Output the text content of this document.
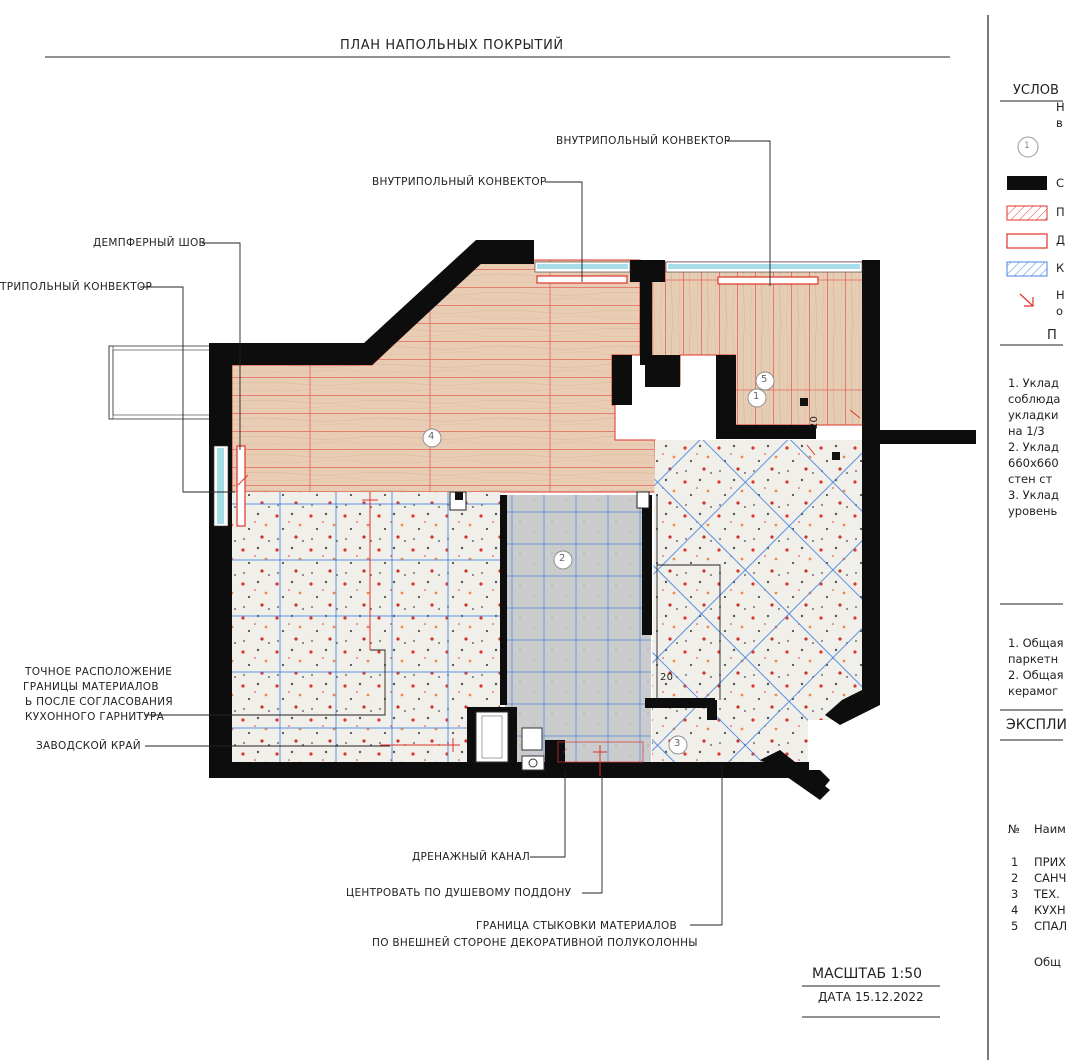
ПЛАН НАПОЛЬНЫХ ПОКРЫТИЙ
ВНУТРИПОЛЬНЫЙ КОНВЕКТОР
ВНУТРИПОЛЬНЫЙ КОНВЕКТОР
ДЕМПФЕРНЫЙ ШОВ
ТРИПОЛЬНЫЙ КОНВЕКТОР
ТОЧНОЕ РАСПОЛОЖЕНИЕ
ГРАНИЦЫ МАТЕРИАЛОВ
Ь ПОСЛЕ СОГЛАСОВАНИЯ
КУХОННОГО ГАРНИТУРА
ЗАВОДСКОЙ КРАЙ
ДРЕНАЖНЫЙ КАНАЛ
ЦЕНТРОВАТЬ ПО ДУШЕВОМУ ПОДДОНУ
ГРАНИЦА СТЫКОВКИ МАТЕРИАЛОВ
ПО ВНЕШНЕЙ СТОРОНЕ ДЕКОРАТИВНОЙ ПОЛУКОЛОННЫ
1
2
3
4
5
20
20
МАСШТАБ 1:50
ДАТА 15.12.2022
УСЛОВ
1
Н
в
С
П
Д
К
Н
о
П
1. Уклад
соблюда
укладки
на 1/3
2. Уклад
660х660
стен ст
3. Уклад
уровень
1. Общая
паркетн
2. Общая
керамог
ЭКСПЛИ
№ Наим
1 ПРИХ
2 САНЧ
3 ТЕХ.
4 КУХН
5 СПАЛ
Общ
